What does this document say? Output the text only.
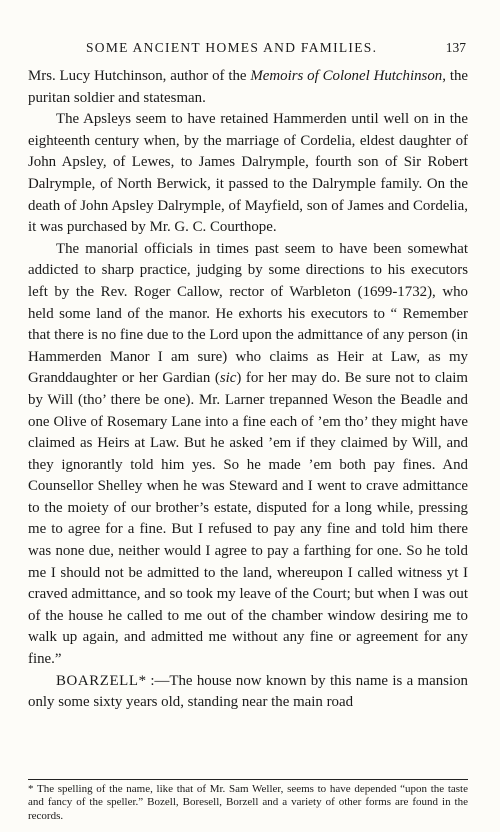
SOME ANCIENT HOMES AND FAMILIES.	137

Mrs. Lucy Hutchinson, author of the Memoirs of Colonel Hutchinson, the puritan soldier and statesman.

The Apsleys seem to have retained Hammerden until well on in the eighteenth century when, by the marriage of Cordelia, eldest daughter of John Apsley, of Lewes, to James Dalrymple, fourth son of Sir Robert Dalrymple, of North Berwick, it passed to the Dalrymple family. On the death of John Apsley Dalrymple, of Mayfield, son of James and Cordelia, it was purchased by Mr. G. C. Courthope.

The manorial officials in times past seem to have been somewhat addicted to sharp practice, judging by some directions to his executors left by the Rev. Roger Callow, rector of Warbleton (1699-1732), who held some land of the manor. He exhorts his executors to “ Remember that there is no fine due to the Lord upon the admittance of any person (in Hammerden Manor I am sure) who claims as Heir at Law, as my Granddaughter or her Gardian (sic) for her may do. Be sure not to claim by Will (tho’ there be one). Mr. Larner trepanned Weson the Beadle and one Olive of Rosemary Lane into a fine each of ’em tho’ they might have claimed as Heirs at Law. But he asked ’em if they claimed by Will, and they ignorantly told him yes. So he made ’em both pay fines. And Counsellor Shelley when he was Steward and I went to crave admittance to the moiety of our brother’s estate, disputed for a long while, pressing me to agree for a fine. But I refused to pay any fine and told him there was none due, neither would I agree to pay a farthing for one. So he told me I should not be admitted to the land, whereupon I called witness yt I craved admittance, and so took my leave of the Court; but when I was out of the house he called to me out of the chamber window desiring me to walk up again, and admitted me without any fine or agreement for any fine.”

BOARZELL* :—The house now known by this name is a mansion only some sixty years old, standing near the main road

* The spelling of the name, like that of Mr. Sam Weller, seems to have depended “upon the taste and fancy of the speller.” Bozell, Boresell, Borzell and a variety of other forms are found in the records.
